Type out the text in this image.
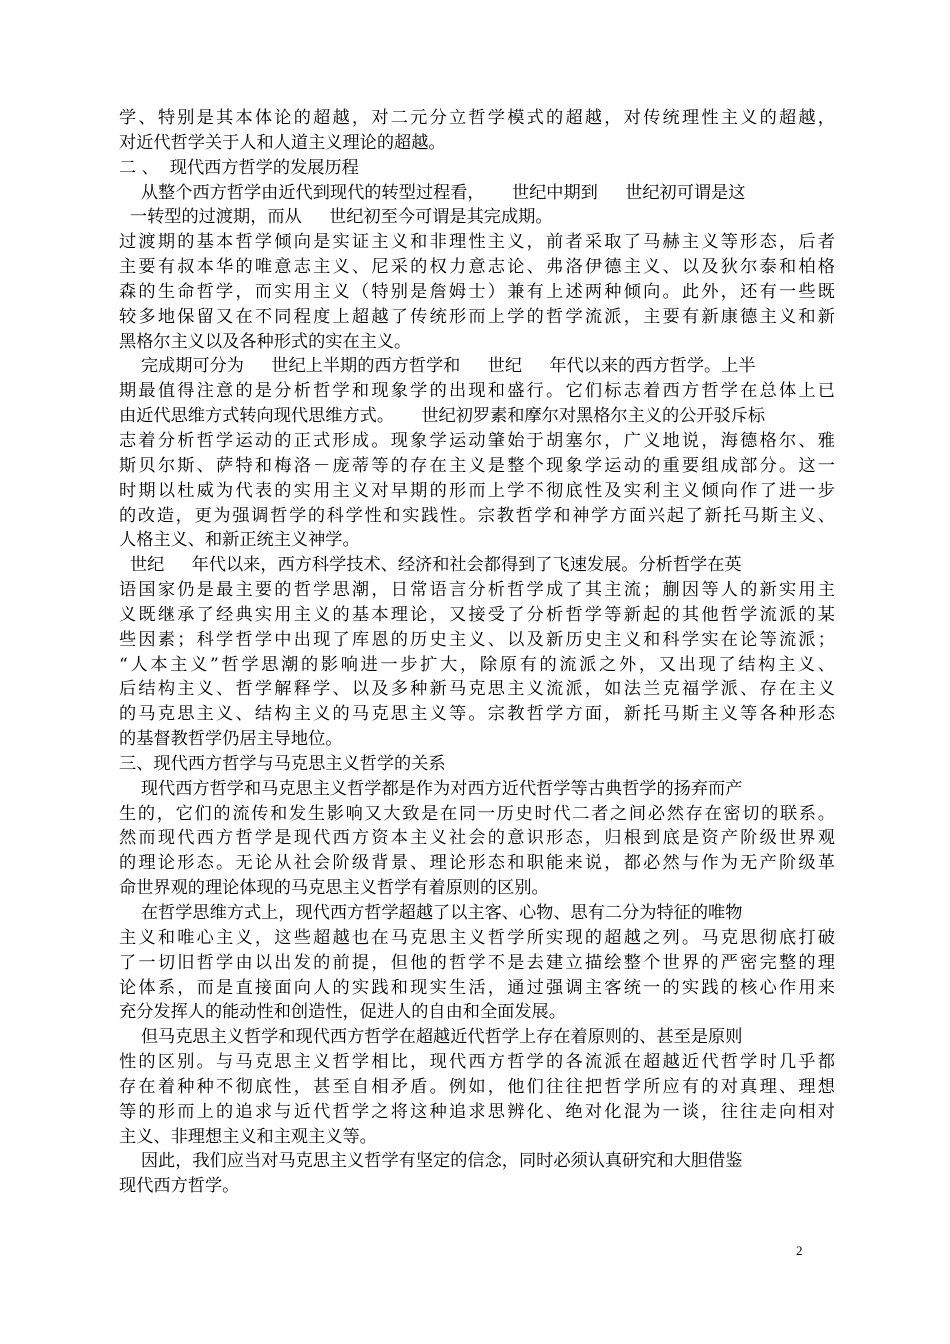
学、特别是其本体论的超越，对二元分立哲学模式的超越，对传统理性主义的超越，
对近代哲学关于人和人道主义理论的超越。
二 、  现代西方哲学的发展历程
从整个西方哲学由近代到现代的转型过程看，     世纪中期到     世纪初可谓是这
一转型的过渡期，而从     世纪初至今可谓是其完成期。
过渡期的基本哲学倾向是实证主义和非理性主义，前者采取了马赫主义等形态，后者
主要有叔本华的唯意志主义、尼采的权力意志论、弗洛伊德主义、以及狄尔泰和柏格
森的生命哲学，而实用主义（特别是詹姆士）兼有上述两种倾向。此外，还有一些既
较多地保留又在不同程度上超越了传统形而上学的哲学流派，主要有新康德主义和新
黑格尔主义以及各种形式的实在主义。
完成期可分为     世纪上半期的西方哲学和     世纪     年代以来的西方哲学。上半
期最值得注意的是分析哲学和现象学的出现和盛行。它们标志着西方哲学在总体上已
由近代思维方式转向现代思维方式。     世纪初罗素和摩尔对黑格尔主义的公开驳斥标
志着分析哲学运动的正式形成。现象学运动肇始于胡塞尔，广义地说，海德格尔、雅
斯贝尔斯、萨特和梅洛－庞蒂等的存在主义是整个现象学运动的重要组成部分。这一
时期以杜威为代表的实用主义对早期的形而上学不彻底性及实利主义倾向作了进一步
的改造，更为强调哲学的科学性和实践性。宗教哲学和神学方面兴起了新托马斯主义、
人格主义、和新正统主义神学。
世纪     年代以来，西方科学技术、经济和社会都得到了飞速发展。分析哲学在英
语国家仍是最主要的哲学思潮，日常语言分析哲学成了其主流；蒯因等人的新实用主
义既继承了经典实用主义的基本理论，又接受了分析哲学等新起的其他哲学流派的某
些因素；科学哲学中出现了库恩的历史主义、以及新历史主义和科学实在论等流派；
“人本主义”哲学思潮的影响进一步扩大，除原有的流派之外，又出现了结构主义、
后结构主义、哲学解释学、以及多种新马克思主义流派，如法兰克福学派、存在主义
的马克思主义、结构主义的马克思主义等。宗教哲学方面，新托马斯主义等各种形态
的基督教哲学仍居主导地位。
三、现代西方哲学与马克思主义哲学的关系
现代西方哲学和马克思主义哲学都是作为对西方近代哲学等古典哲学的扬弃而产
生的，它们的流传和发生影响又大致是在同一历史时代二者之间必然存在密切的联系。
然而现代西方哲学是现代西方资本主义社会的意识形态，归根到底是资产阶级世界观
的理论形态。无论从社会阶级背景、理论形态和职能来说，都必然与作为无产阶级革
命世界观的理论体现的马克思主义哲学有着原则的区别。
在哲学思维方式上，现代西方哲学超越了以主客、心物、思有二分为特征的唯物
主义和唯心主义，这些超越也在马克思主义哲学所实现的超越之列。马克思彻底打破
了一切旧哲学由以出发的前提，但他的哲学不是去建立描绘整个世界的严密完整的理
论体系，而是直接面向人的实践和现实生活，通过强调主客统一的实践的核心作用来
充分发挥人的能动性和创造性，促进人的自由和全面发展。
但马克思主义哲学和现代西方哲学在超越近代哲学上存在着原则的、甚至是原则
性的区别。与马克思主义哲学相比，现代西方哲学的各流派在超越近代哲学时几乎都
存在着种种不彻底性，甚至自相矛盾。例如，他们往往把哲学所应有的对真理、理想
等的形而上的追求与近代哲学之将这种追求思辨化、绝对化混为一谈，往往走向相对
主义、非理想主义和主观主义等。
因此，我们应当对马克思主义哲学有坚定的信念，同时必须认真研究和大胆借鉴
现代西方哲学。
2
